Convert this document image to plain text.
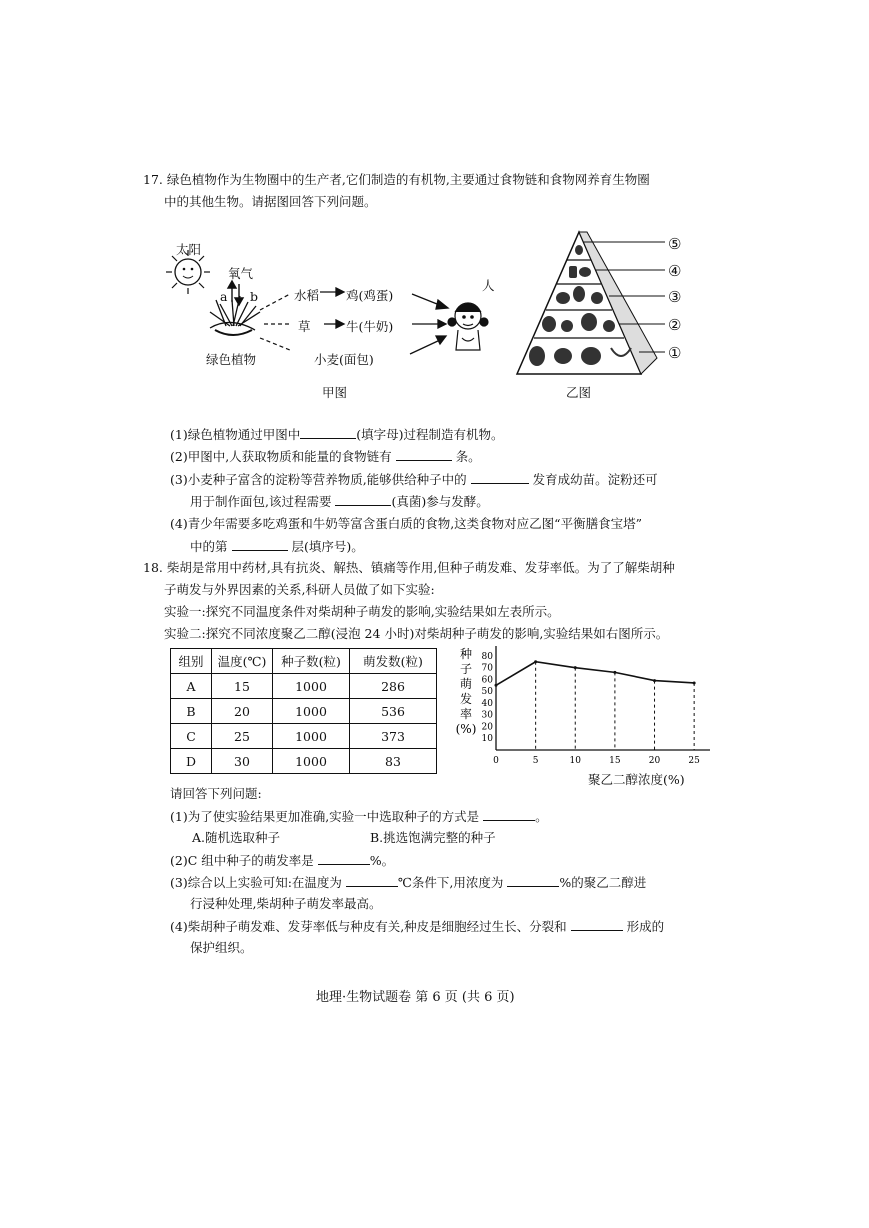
17. 绿色植物作为生物圈中的生产者,它们制造的有机物,主要通过食物链和食物网养育生物圈
中的其他生物。请据图回答下列问题。
太阳
氧气
a b
绿色植物
水稻 鸡(鸡蛋)
草	牛(牛奶)
小麦(面包)
人
甲图
⑤
④
③
②
①
乙图
(1)绿色植物通过甲图中	(填字母)过程制造有机物。
(2)甲图中,人获取物质和能量的食物链有	条。
(3)小麦种子富含的淀粉等营养物质,能够供给种子中的	发育成幼苗。淀粉还可
用于制作面包,该过程需要	(真菌)参与发酵。
(4)青少年需要多吃鸡蛋和牛奶等富含蛋白质的食物,这类食物对应乙图“平衡膳食宝塔”
中的第	层(填序号)。
18. 柴胡是常用中药材,具有抗炎、解热、镇痛等作用,但种子萌发难、发芽率低。为了了解柴胡种
子萌发与外界因素的关系,科研人员做了如下实验:
实验一:探究不同温度条件对柴胡种子萌发的影响,实验结果如左表所示。
实验二:探究不同浓度聚乙二醇(浸泡 24 小时)对柴胡种子萌发的影响,实验结果如右图所示。
组别	温度(℃)	种子数(粒)	萌发数(粒)
A	15	1000	286
B	20	1000	536
C	25	1000	373
D	30	1000	83
种
子
萌
发
率
(%)
10
20
30
40
50
60
70
80
0	5	10	15	20	25
聚乙二醇浓度(%)
请回答下列问题:
(1)为了使实验结果更加准确,实验一中选取种子的方式是	。
A.随机选取种子	B.挑选饱满完整的种子
(2)C 组中种子的萌发率是	%。
(3)综合以上实验可知:在温度为	℃条件下,用浓度为	%的聚乙二醇进
行浸种处理,柴胡种子萌发率最高。
(4)柴胡种子萌发难、发芽率低与种皮有关,种皮是细胞经过生长、分裂和	形成的
保护组织。
地理·生物试题卷 第 6 页 (共 6 页)
